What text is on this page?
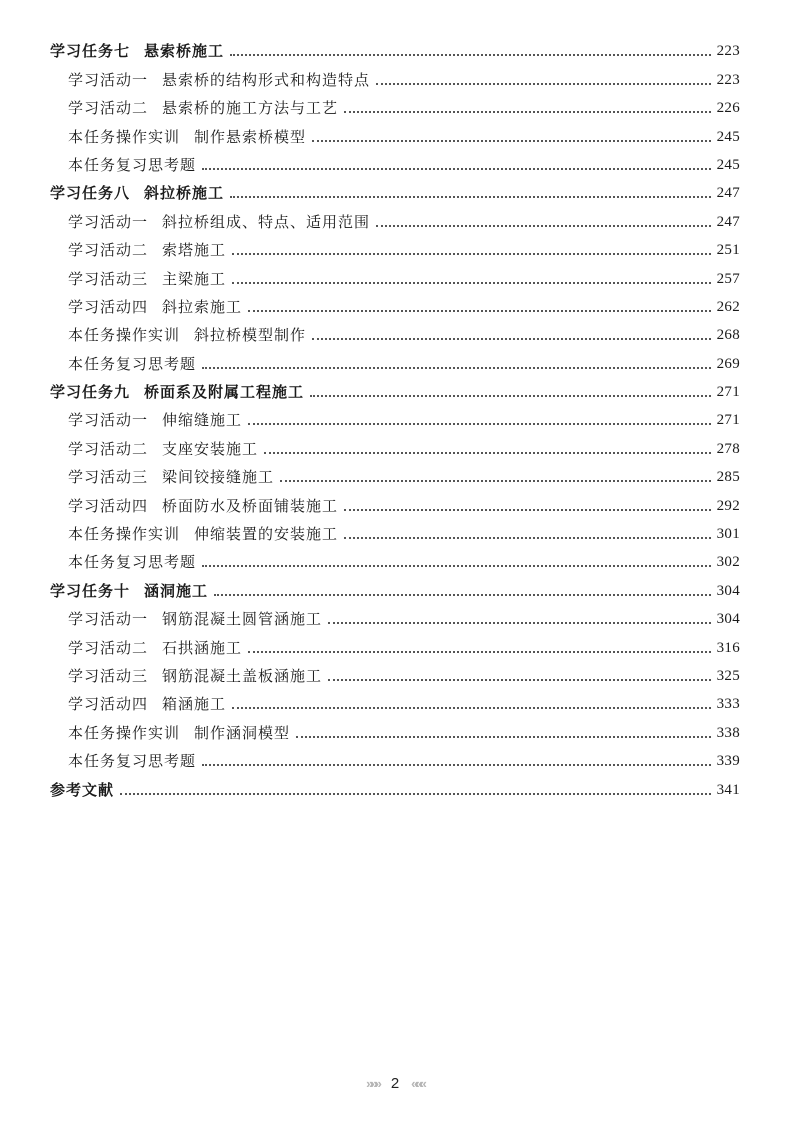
学习任务七 悬索桥施工	223
学习活动一 悬索桥的结构形式和构造特点	223
学习活动二 悬索桥的施工方法与工艺	226
本任务操作实训 制作悬索桥模型	245
本任务复习思考题	245
学习任务八 斜拉桥施工	247
学习活动一 斜拉桥组成、特点、适用范围	247
学习活动二 索塔施工	251
学习活动三 主梁施工	257
学习活动四 斜拉索施工	262
本任务操作实训 斜拉桥模型制作	268
本任务复习思考题	269
学习任务九 桥面系及附属工程施工	271
学习活动一 伸缩缝施工	271
学习活动二 支座安装施工	278
学习活动三 梁间铰接缝施工	285
学习活动四 桥面防水及桥面铺装施工	292
本任务操作实训 伸缩装置的安装施工	301
本任务复习思考题	302
学习任务十 涵洞施工	304
学习活动一 钢筋混凝土圆管涵施工	304
学习活动二 石拱涵施工	316
学习活动三 钢筋混凝土盖板涵施工	325
学习活动四 箱涵施工	333
本任务操作实训 制作涵洞模型	338
本任务复习思考题	339
参考文献	341
»»» 2 «««
